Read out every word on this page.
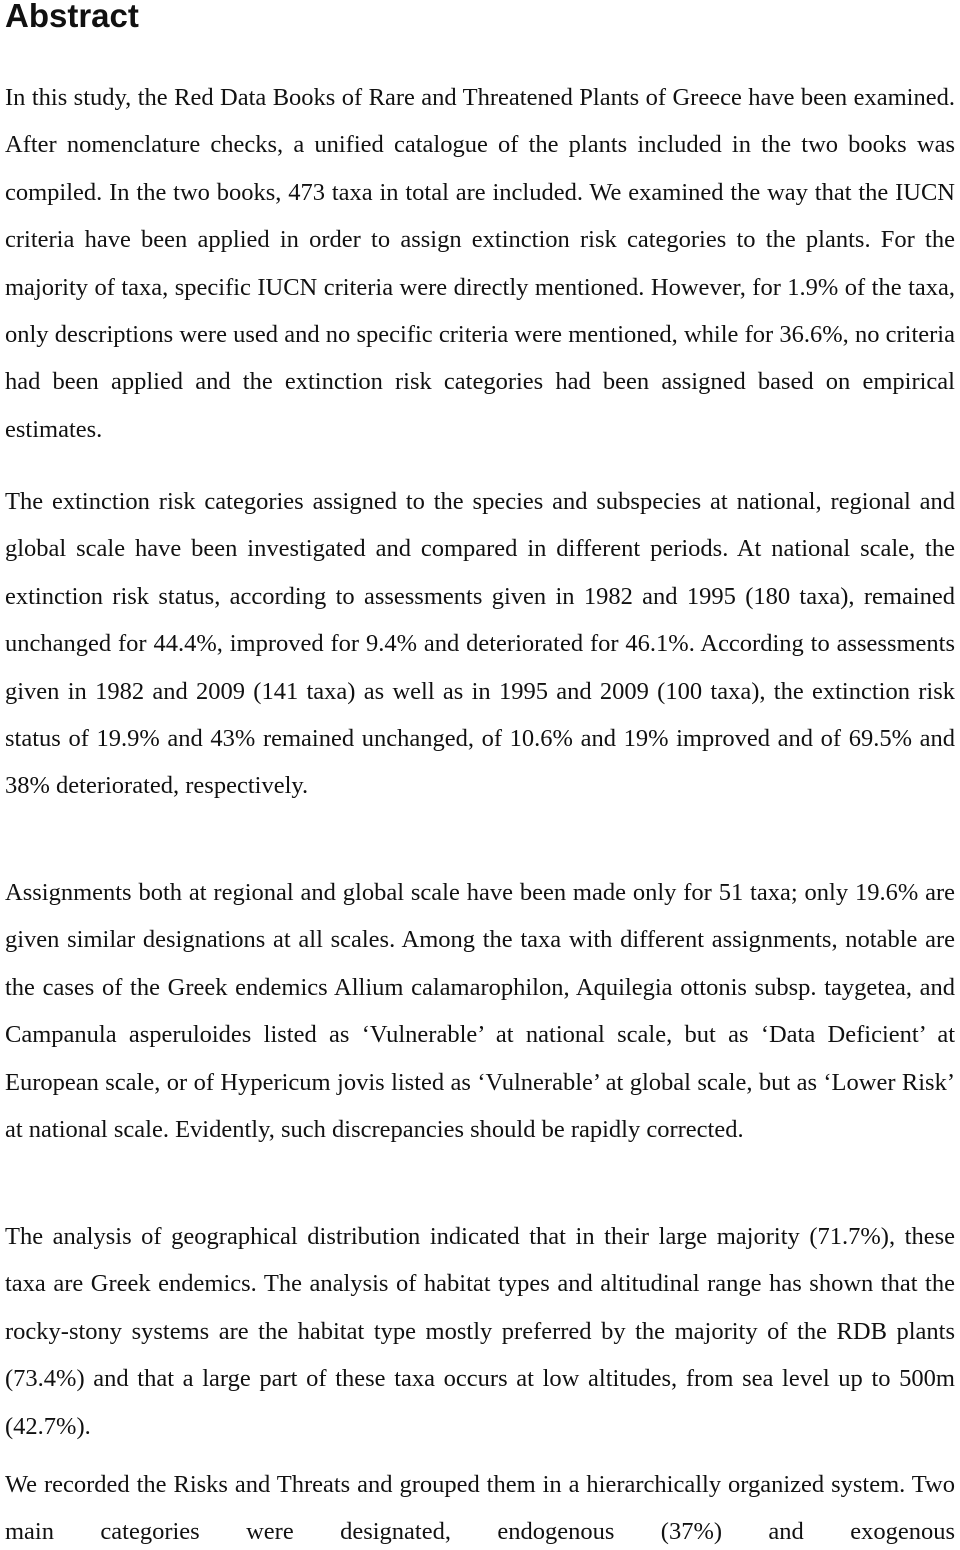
Abstract

In this study, the Red Data Books of Rare and Threatened Plants of Greece have been examined. After nomenclature checks, a unified catalogue of the plants included in the two books was compiled. In the two books, 473 taxa in total are included. We examined the way that the IUCN criteria have been applied in order to assign extinction risk categories to the plants. For the majority of taxa, specific IUCN criteria were directly mentioned. However, for 1.9% of the taxa, only descriptions were used and no specific criteria were mentioned, while for 36.6%, no criteria had been applied and the extinction risk categories had been assigned based on empirical estimates.

The extinction risk categories assigned to the species and subspecies at national, regional and global scale have been investigated and compared in different periods. At national scale, the extinction risk status, according to assessments given in 1982 and 1995 (180 taxa), remained unchanged for 44.4%, improved for 9.4% and deteriorated for 46.1%. According to assessments given in 1982 and 2009 (141 taxa) as well as in 1995 and 2009 (100 taxa), the extinction risk status of 19.9% and 43% remained unchanged, of 10.6% and 19% improved and of 69.5% and 38% deteriorated, respectively.

Assignments both at regional and global scale have been made only for 51 taxa; only 19.6% are given similar designations at all scales. Among the taxa with different assignments, notable are the cases of the Greek endemics Allium calamarophilon, Aquilegia ottonis subsp. taygetea, and Campanula asperuloides listed as ‘Vulnerable’ at national scale, but as ‘Data Deficient’ at European scale, or of Hypericum jovis listed as ‘Vulnerable’ at global scale, but as ‘Lower Risk’ at national scale. Evidently, such discrepancies should be rapidly corrected.

The analysis of geographical distribution indicated that in their large majority (71.7%), these taxa are Greek endemics. The analysis of habitat types and altitudinal range has shown that the rocky-stony systems are the habitat type mostly preferred by the majority of the RDB plants (73.4%) and that a large part of these taxa occurs at low altitudes, from sea level up to 500m (42.7%).

We recorded the Risks and Threats and grouped them in a hierarchically organized system. Two main categories were designated, endogenous (37%) and exogenous
